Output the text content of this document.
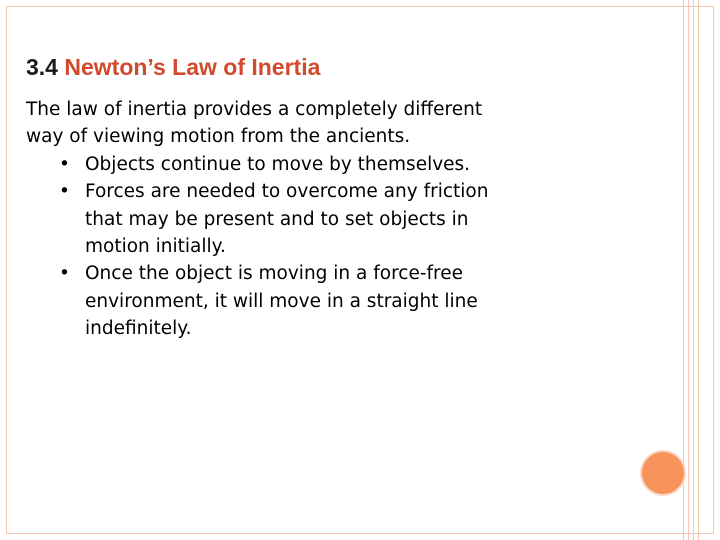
3.4 Newton’s Law of Inertia

The law of inertia provides a completely different way of viewing motion from the ancients.

• Objects continue to move by themselves.
• Forces are needed to overcome any friction that may be present and to set objects in motion initially.
• Once the object is moving in a force-free environment, it will move in a straight line indefinitely.
